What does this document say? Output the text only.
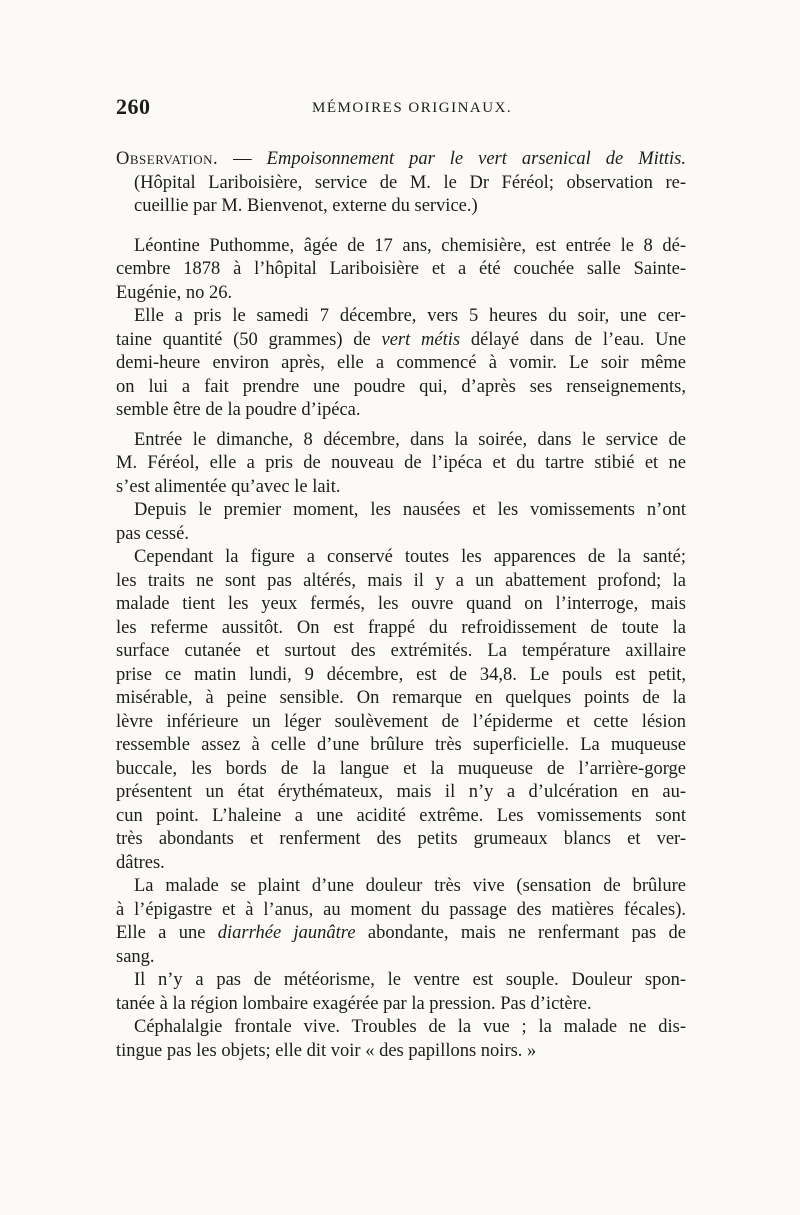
260	MÉMOIRES ORIGINAUX.
Observation. — Empoisonnement par le vert arsenical de Mittis.
(Hôpital Lariboisière, service de M. le Dr Féréol; observation re-
cueillie par M. Bienvenot, externe du service.)
Léontine Puthomme, âgée de 17 ans, chemisière, est entrée le 8 dé-
cembre 1878 à l’hôpital Lariboisière et a été couchée salle Sainte-
Eugénie, no 26.
Elle a pris le samedi 7 décembre, vers 5 heures du soir, une cer-
taine quantité (50 grammes) de vert métis délayé dans de l’eau. Une
demi-heure environ après, elle a commencé à vomir. Le soir même
on lui a fait prendre une poudre qui, d’après ses renseignements,
semble être de la poudre d’ipéca.
Entrée le dimanche, 8 décembre, dans la soirée, dans le service de
M. Féréol, elle a pris de nouveau de l’ipéca et du tartre stibié et ne
s’est alimentée qu’avec le lait.
Depuis le premier moment, les nausées et les vomissements n’ont
pas cessé.
Cependant la figure a conservé toutes les apparences de la santé;
les traits ne sont pas altérés, mais il y a un abattement profond; la
malade tient les yeux fermés, les ouvre quand on l’interroge, mais
les referme aussitôt. On est frappé du refroidissement de toute la
surface cutanée et surtout des extrémités. La température axillaire
prise ce matin lundi, 9 décembre, est de 34,8. Le pouls est petit,
misérable, à peine sensible. On remarque en quelques points de la
lèvre inférieure un léger soulèvement de l’épiderme et cette lésion
ressemble assez à celle d’une brûlure très superficielle. La muqueuse
buccale, les bords de la langue et la muqueuse de l’arrière-gorge
présentent un état érythémateux, mais il n’y a d’ulcération en au-
cun point. L’haleine a une acidité extrême. Les vomissements sont
très abondants et renferment des petits grumeaux blancs et ver-
dâtres.
La malade se plaint d’une douleur très vive (sensation de brûlure
à l’épigastre et à l’anus, au moment du passage des matières fécales).
Elle a une diarrhée jaunâtre abondante, mais ne renfermant pas de
sang.
Il n’y a pas de météorisme, le ventre est souple. Douleur spon-
tanée à la région lombaire exagérée par la pression. Pas d’ictère.
Céphalalgie frontale vive. Troubles de la vue ; la malade ne dis-
tingue pas les objets; elle dit voir « des papillons noirs. »
